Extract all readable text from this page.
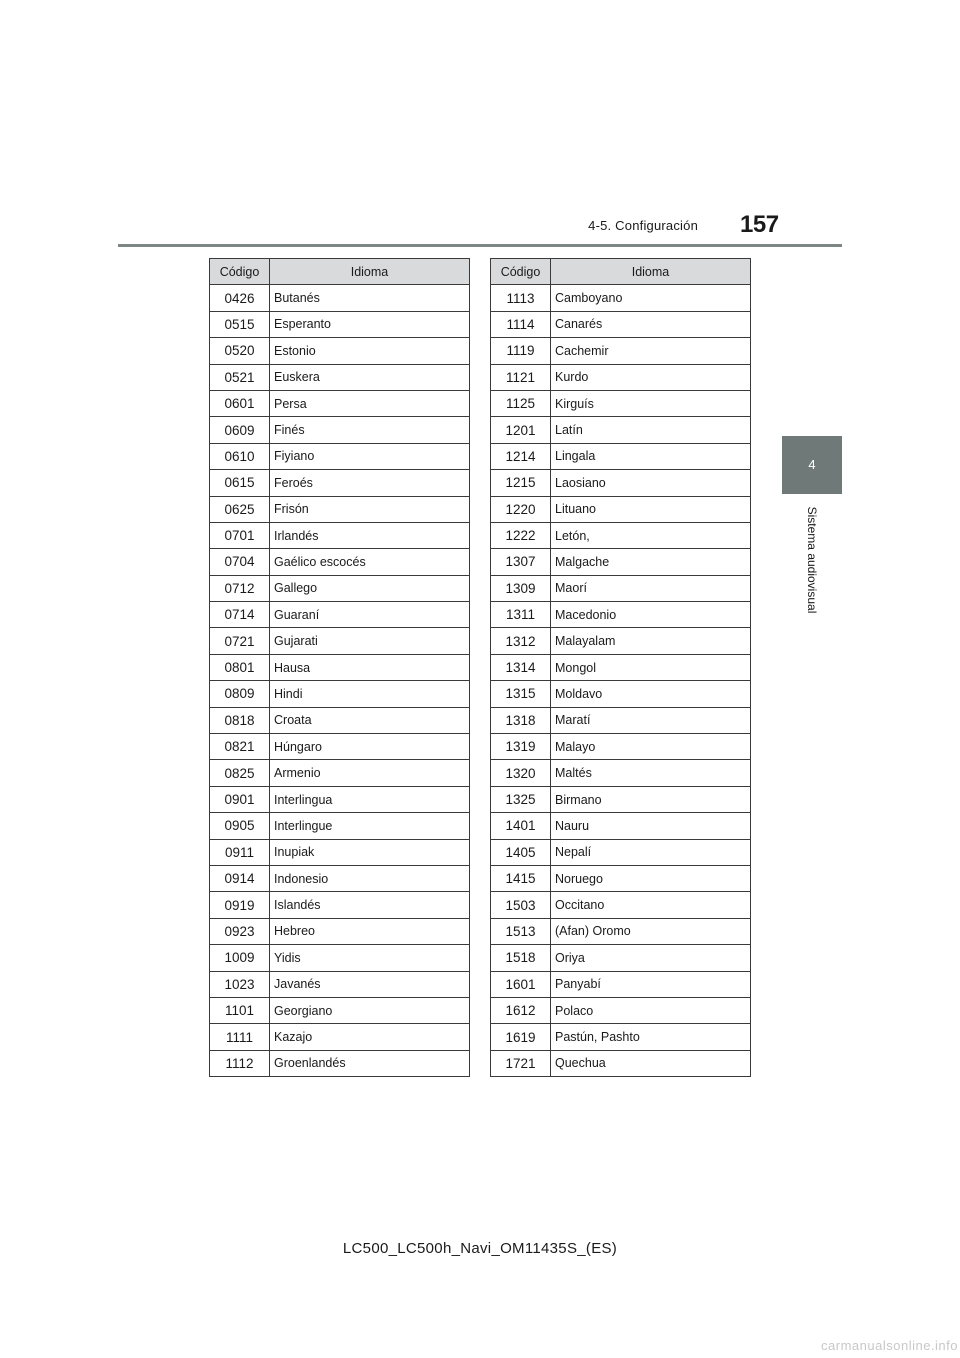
4-5. Configuración 157
4
Sistema audiovisual
Código	Idioma
0426	Butanés
0515	Esperanto
0520	Estonio
0521	Euskera
0601	Persa
0609	Finés
0610	Fiyiano
0615	Feroés
0625	Frisón
0701	Irlandés
0704	Gaélico escocés
0712	Gallego
0714	Guaraní
0721	Gujarati
0801	Hausa
0809	Hindi
0818	Croata
0821	Húngaro
0825	Armenio
0901	Interlingua
0905	Interlingue
0911	Inupiak
0914	Indonesio
0919	Islandés
0923	Hebreo
1009	Yidis
1023	Javanés
1101	Georgiano
1111	Kazajo
1112	Groenlandés
Código	Idioma
1113	Camboyano
1114	Canarés
1119	Cachemir
1121	Kurdo
1125	Kirguís
1201	Latín
1214	Lingala
1215	Laosiano
1220	Lituano
1222	Letón,
1307	Malgache
1309	Maorí
1311	Macedonio
1312	Malayalam
1314	Mongol
1315	Moldavo
1318	Maratí
1319	Malayo
1320	Maltés
1325	Birmano
1401	Nauru
1405	Nepalí
1415	Noruego
1503	Occitano
1513	(Afan) Oromo
1518	Oriya
1601	Panyabí
1612	Polaco
1619	Pastún, Pashto
1721	Quechua
LC500_LC500h_Navi_OM11435S_(ES)
carmanualsonline.info
